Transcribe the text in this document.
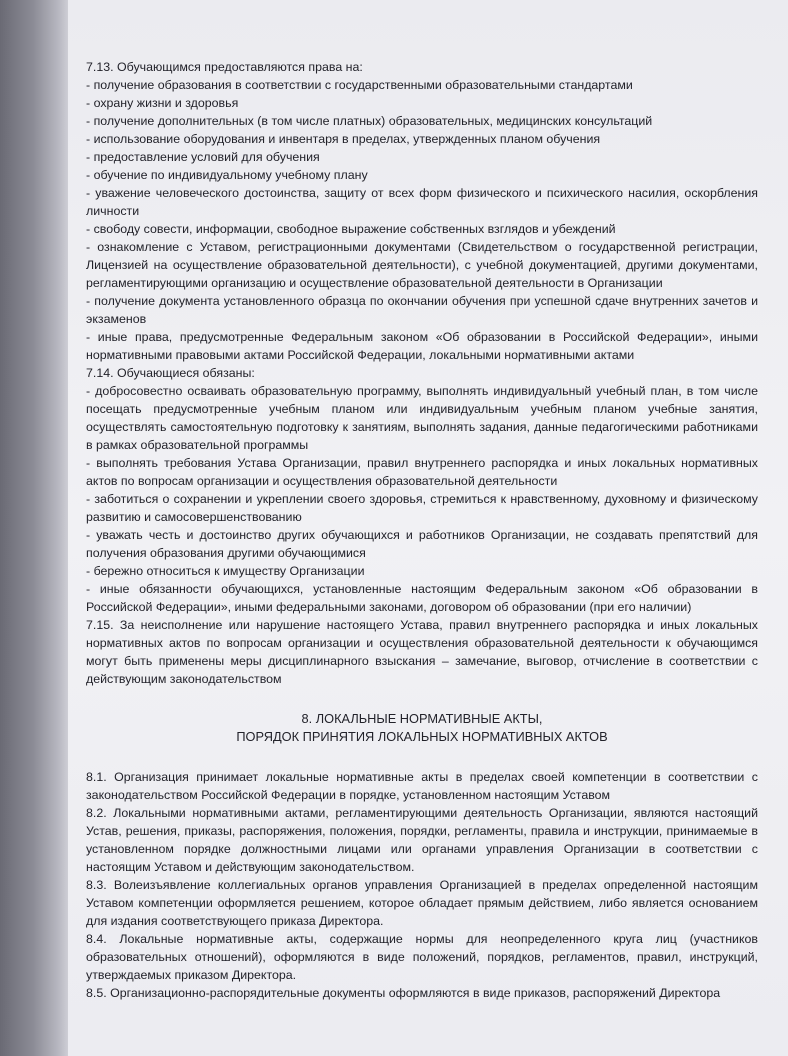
7.13. Обучающимся предоставляются права на:

- получение образования в соответствии с государственными образовательными стандартами

- охрану жизни и здоровья

- получение дополнительных (в том числе платных) образовательных, медицинских консультаций

- использование оборудования и инвентаря в пределах, утвержденных планом обучения

- предоставление условий для обучения

- обучение по индивидуальному учебному плану

- уважение человеческого достоинства, защиту от всех форм физического и психического насилия, оскорбления личности

- свободу совести, информации, свободное выражение собственных взглядов и убеждений

- ознакомление с Уставом, регистрационными документами (Свидетельством о государственной регистрации, Лицензией на осуществление образовательной деятельности), с учебной документацией, другими документами, регламентирующими организацию и осуществление образовательной деятельности в Организации

- получение документа установленного образца по окончании обучения при успешной сдаче внутренних зачетов и экзаменов

- иные права, предусмотренные Федеральным законом «Об образовании в Российской Федерации», иными нормативными правовыми актами Российской Федерации, локальными нормативными актами

7.14. Обучающиеся обязаны:

- добросовестно осваивать образовательную программу, выполнять индивидуальный учебный план, в том числе посещать предусмотренные учебным планом или индивидуальным учебным планом учебные занятия, осуществлять самостоятельную подготовку к занятиям, выполнять задания, данные педагогическими работниками в рамках образовательной программы

- выполнять требования Устава Организации, правил внутреннего распорядка и иных локальных нормативных актов по вопросам организации и осуществления образовательной деятельности

- заботиться о сохранении и укреплении своего здоровья, стремиться к нравственному, духовному и физическому развитию и самосовершенствованию

- уважать честь и достоинство других обучающихся и работников Организации, не создавать препятствий для получения образования другими обучающимися

- бережно относиться к имуществу Организации

- иные обязанности обучающихся, установленные настоящим Федеральным законом «Об образовании в Российской Федерации», иными федеральными законами, договором об образовании (при его наличии)

7.15. За неисполнение или нарушение настоящего Устава, правил внутреннего распорядка и иных локальных нормативных актов по вопросам организации и осуществления образовательной деятельности к обучающимся могут быть применены меры дисциплинарного взыскания – замечание, выговор, отчисление в соответствии с действующим законодательством

8. ЛОКАЛЬНЫЕ НОРМАТИВНЫЕ АКТЫ,
ПОРЯДОК ПРИНЯТИЯ ЛОКАЛЬНЫХ НОРМАТИВНЫХ АКТОВ

8.1. Организация принимает локальные нормативные акты в пределах своей компетенции в соответствии с законодательством Российской Федерации в порядке, установленном настоящим Уставом

8.2. Локальными нормативными актами, регламентирующими деятельность Организации, являются настоящий Устав, решения, приказы, распоряжения, положения, порядки, регламенты, правила и инструкции, принимаемые в установленном порядке должностными лицами или органами управления Организации в соответствии с настоящим Уставом и действующим законодательством.

8.3. Волеизъявление коллегиальных органов управления Организацией в пределах определенной настоящим Уставом компетенции оформляется решением, которое обладает прямым действием, либо является основанием для издания соответствующего приказа Директора.

8.4. Локальные нормативные акты, содержащие нормы для неопределенного круга лиц (участников образовательных отношений), оформляются в виде положений, порядков, регламентов, правил, инструкций, утверждаемых приказом Директора.

8.5. Организационно-распорядительные документы оформляются в виде приказов, распоряжений Директора
